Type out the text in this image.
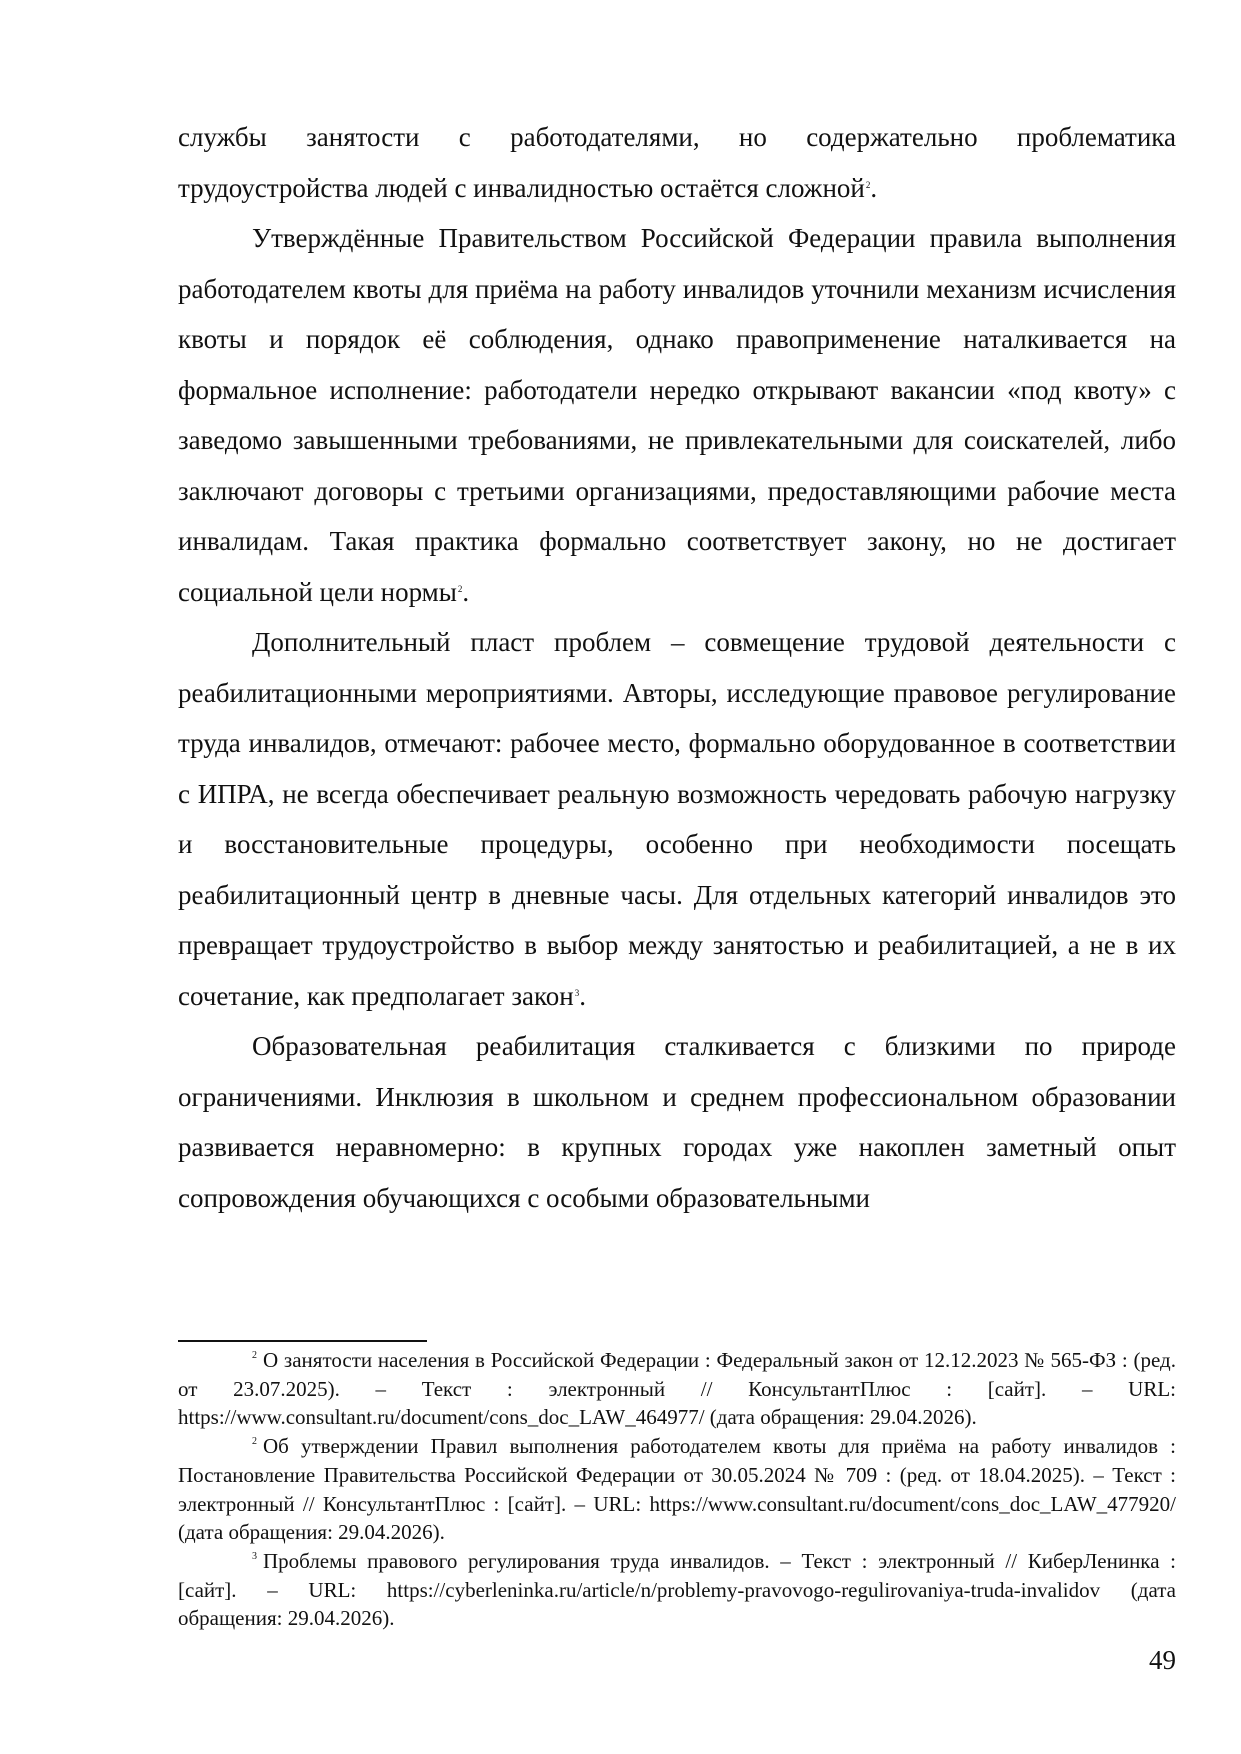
службы занятости с работодателями, но содержательно проблематика трудоустройства людей с инвалидностью остаётся сложной$^2$.

Утверждённые Правительством Российской Федерации правила выполнения работодателем квоты для приёма на работу инвалидов уточнили механизм исчисления квоты и порядок её соблюдения, однако правоприменение наталкивается на формальное исполнение: работодатели нередко открывают вакансии «под квоту» с заведомо завышенными требованиями, не привлекательными для соискателей, либо заключают договоры с третьими организациями, предоставляющими рабочие места инвалидам. Такая практика формально соответствует закону, но не достигает социальной цели нормы$^2$.

Дополнительный пласт проблем – совмещение трудовой деятельности с реабилитационными мероприятиями. Авторы, исследующие правовое регулирование труда инвалидов, отмечают: рабочее место, формально оборудованное в соответствии с ИПРА, не всегда обеспечивает реальную возможность чередовать рабочую нагрузку и восстановительные процедуры, особенно при необходимости посещать реабилитационный центр в дневные часы. Для отдельных категорий инвалидов это превращает трудоустройство в выбор между занятостью и реабилитацией, а не в их сочетание, как предполагает закон$^3$.

Образовательная реабилитация сталкивается с близкими по природе ограничениями. Инклюзия в школьном и среднем профессиональном образовании развивается неравномерно: в крупных городах уже накоплен заметный опыт сопровождения обучающихся с особыми образовательными

$^2$ О занятости населения в Российской Федерации : Федеральный закон от 12.12.2023 № 565-ФЗ : (ред. от 23.07.2025). – Текст : электронный // КонсультантПлюс : [сайт]. – URL: https://www.consultant.ru/document/cons_doc_LAW_464977/ (дата обращения: 29.04.2026).

$^2$ Об утверждении Правил выполнения работодателем квоты для приёма на работу инвалидов : Постановление Правительства Российской Федерации от 30.05.2024 № 709 : (ред. от 18.04.2025). – Текст : электронный // КонсультантПлюс : [сайт]. – URL: https://www.consultant.ru/document/cons_doc_LAW_477920/ (дата обращения: 29.04.2026).

$^3$ Проблемы правового регулирования труда инвалидов. – Текст : электронный // КиберЛенинка : [сайт]. – URL: https://cyberleninka.ru/article/n/problemy-pravovogo-regulirovaniya-truda-invalidov (дата обращения: 29.04.2026).

49
